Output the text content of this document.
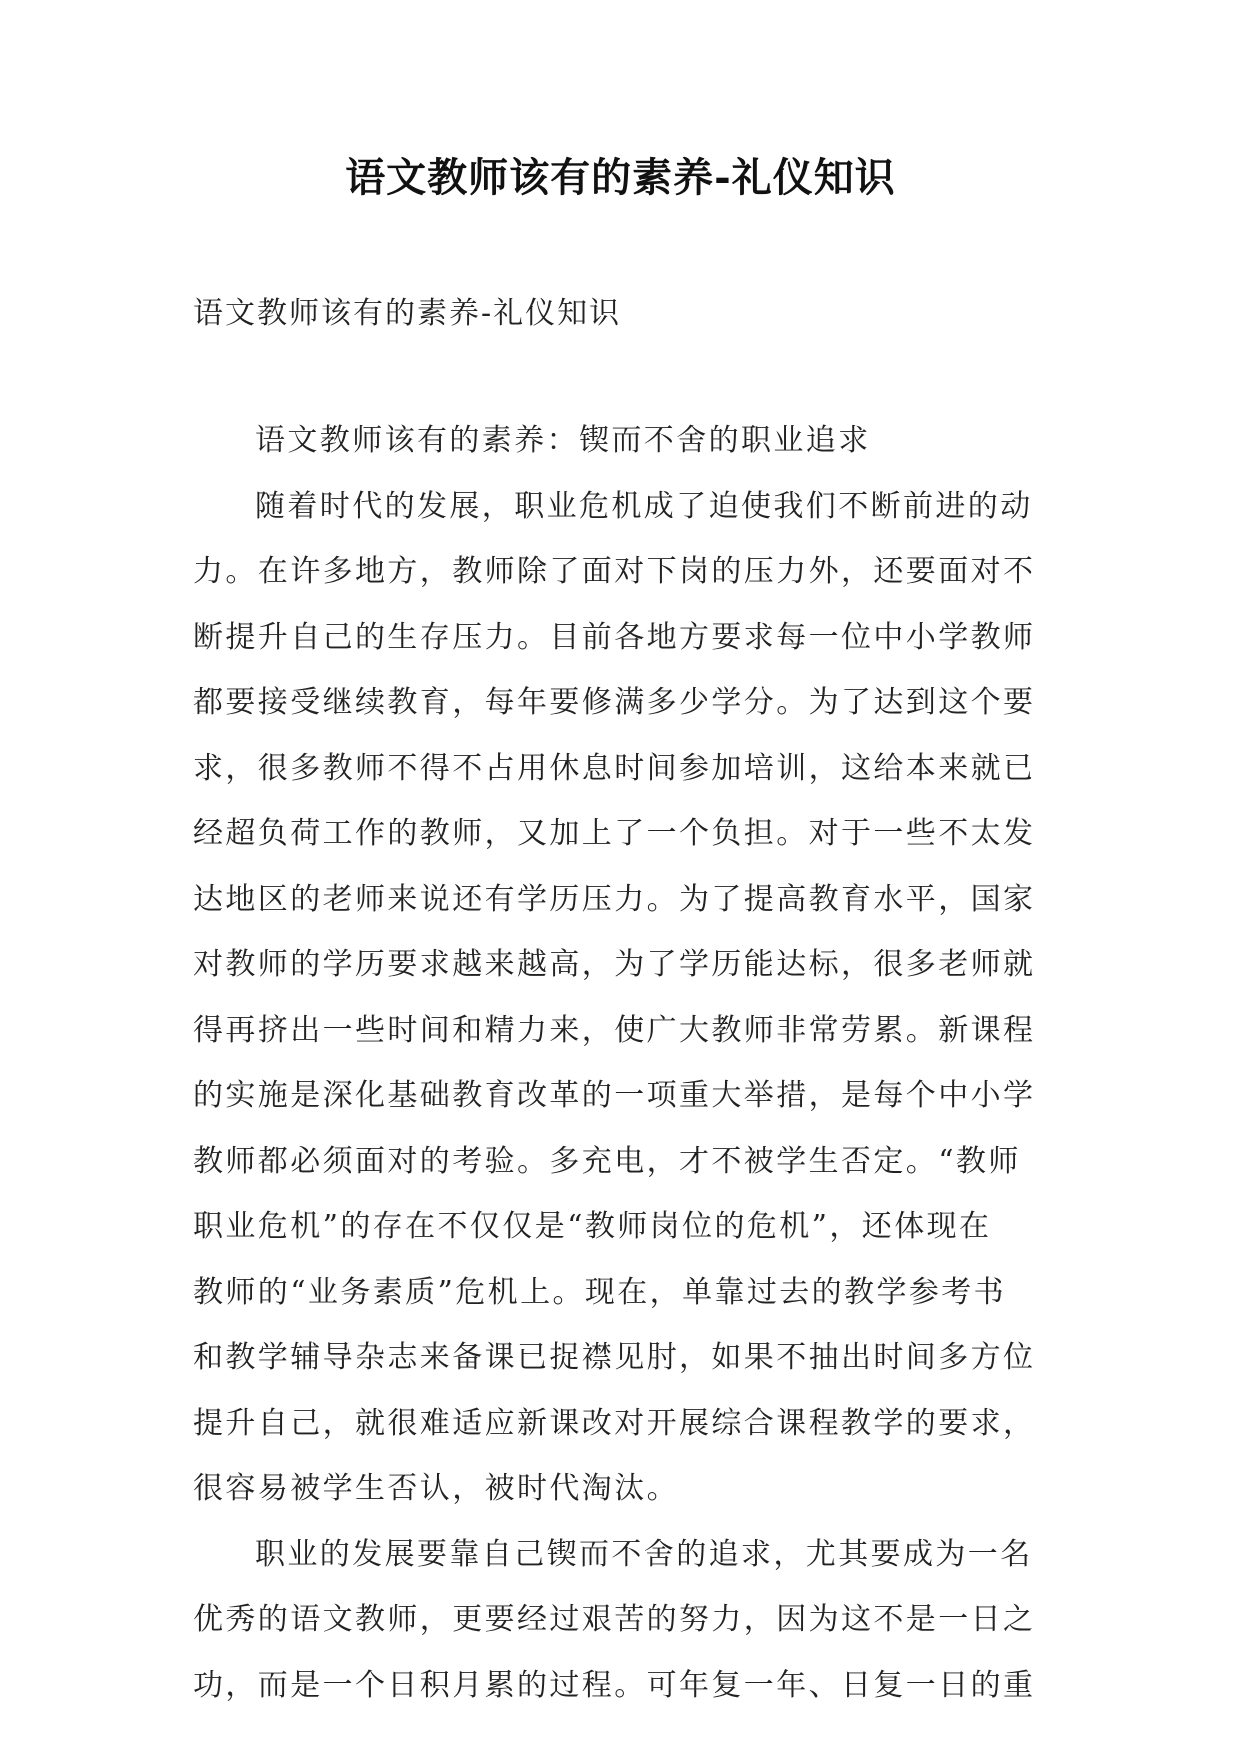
语文教师该有的素养-礼仪知识
语文教师该有的素养-礼仪知识
语文教师该有的素养：锲而不舍的职业追求
随着时代的发展，职业危机成了迫使我们不断前进的动
力。在许多地方，教师除了面对下岗的压力外，还要面对不
断提升自己的生存压力。目前各地方要求每一位中小学教师
都要接受继续教育，每年要修满多少学分。为了达到这个要
求，很多教师不得不占用休息时间参加培训，这给本来就已
经超负荷工作的教师，又加上了一个负担。对于一些不太发
达地区的老师来说还有学历压力。为了提高教育水平，国家
对教师的学历要求越来越高，为了学历能达标，很多老师就
得再挤出一些时间和精力来，使广大教师非常劳累。新课程
的实施是深化基础教育改革的一项重大举措，是每个中小学
教师都必须面对的考验。多充电，才不被学生否定。“教师
职业危机”的存在不仅仅是“教师岗位的危机”，还体现在
教师的“业务素质”危机上。现在，单靠过去的教学参考书
和教学辅导杂志来备课已捉襟见肘，如果不抽出时间多方位
提升自己，就很难适应新课改对开展综合课程教学的要求，
很容易被学生否认，被时代淘汰。
职业的发展要靠自己锲而不舍的追求，尤其要成为一名
优秀的语文教师，更要经过艰苦的努力，因为这不是一日之
功，而是一个日积月累的过程。可年复一年、日复一日的重
